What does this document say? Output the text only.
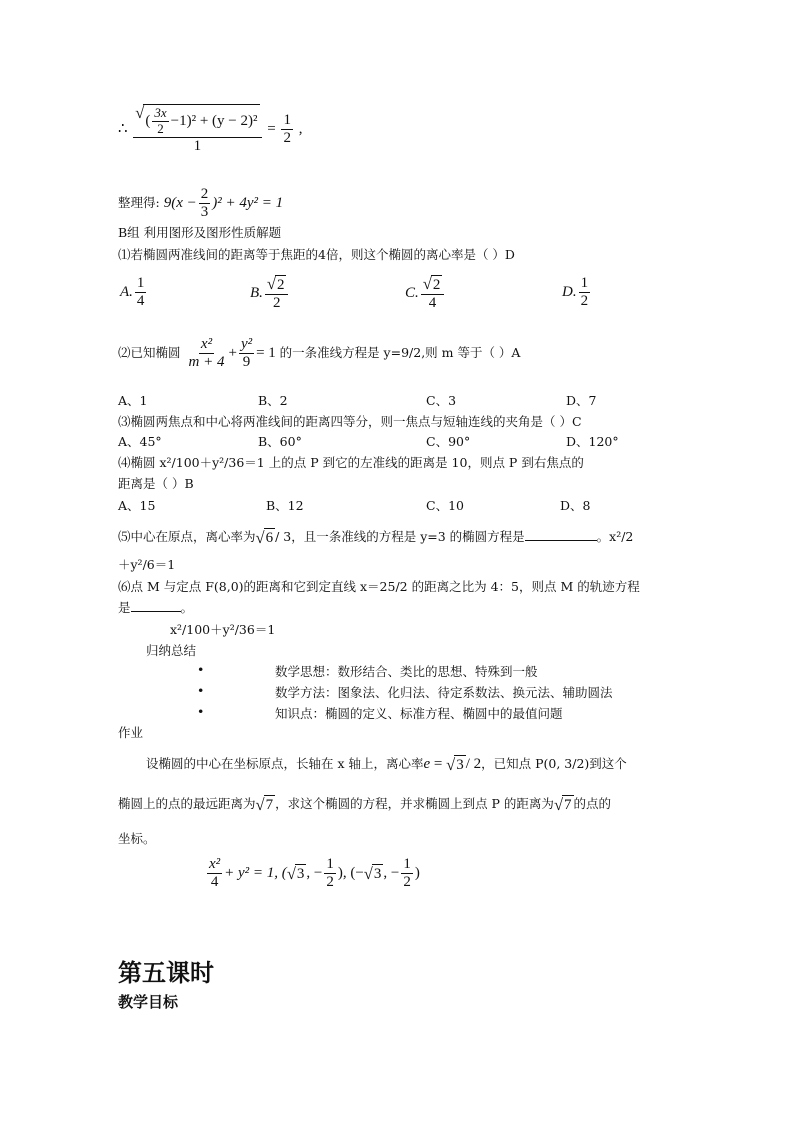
∴ $\frac{√ ( \frac{3x}{2} -1)^2 + (y - 2)^2}{1} = \frac{1}{2}$ ,
整理得: $9(x - \frac{2}{3} )^2 + 4y^2 = 1$
B组 利用图形及图形性质解题
⑴若椭圆两准线间的距离等于焦距的4倍，则这个椭圆的离心率是（ ）D
A. $\frac{1}{4}$	B. $\frac{√ 2}{2}$	C. $\frac{√ 2}{4}$	D. $\frac{1}{2}$
⑵已知椭圆 $\frac{\text{x²}}{m + 4} + \frac{\text{y²}}{9} = 1$ 的一条准线方程是 y=9/2,则 m 等于（ ）A
A、1	B、2	C、3	D、7
⑶椭圆两焦点和中心将两准线间的距离四等分，则一焦点与短轴连线的夹角是（ ）C
A、45°	B、60°	C、90°	D、120°
⑷椭圆 x²/100＋y²/36＝1 上的点 P 到它的左准线的距离是 10，则点 P 到右焦点的
距离是（ ）B
A、15	B、12	C、10	D、8
⑸中心在原点，离心率为 √ 6 / 3，且一条准线的方程是 y=3 的椭圆方程是	。x²/2
＋y²/6＝1
⑹点 M 与定点 F(8,0)的距离和它到定直线 x＝25/2 的距离之比为 4：5，则点 M 的轨迹方程
是	。
x²/100＋y²/36＝1
归纳总结
•	数学思想：数形结合、类比的思想、特殊到一般
•	数学方法：图象法、化归法、待定系数法、换元法、辅助圆法
•	知识点：椭圆的定义、标准方程、椭圆中的最值问题
作业
设椭圆的中心在坐标原点，长轴在 x 轴上，离心率e = √ 3 / 2，已知点 P(0, 3/2)到这个
椭圆上的点的最远距离为 √ 7 ，求这个椭圆的方程，并求椭圆上到点 P 的距离为 √ 7 的点的
坐标。
$\frac{\text{x²}}{4} + y^2 = 1$, ( √ 3 , − $\frac{1}{2}$ ), (− √ 3 , − $\frac{1}{2}$ )
第五课时
教学目标
